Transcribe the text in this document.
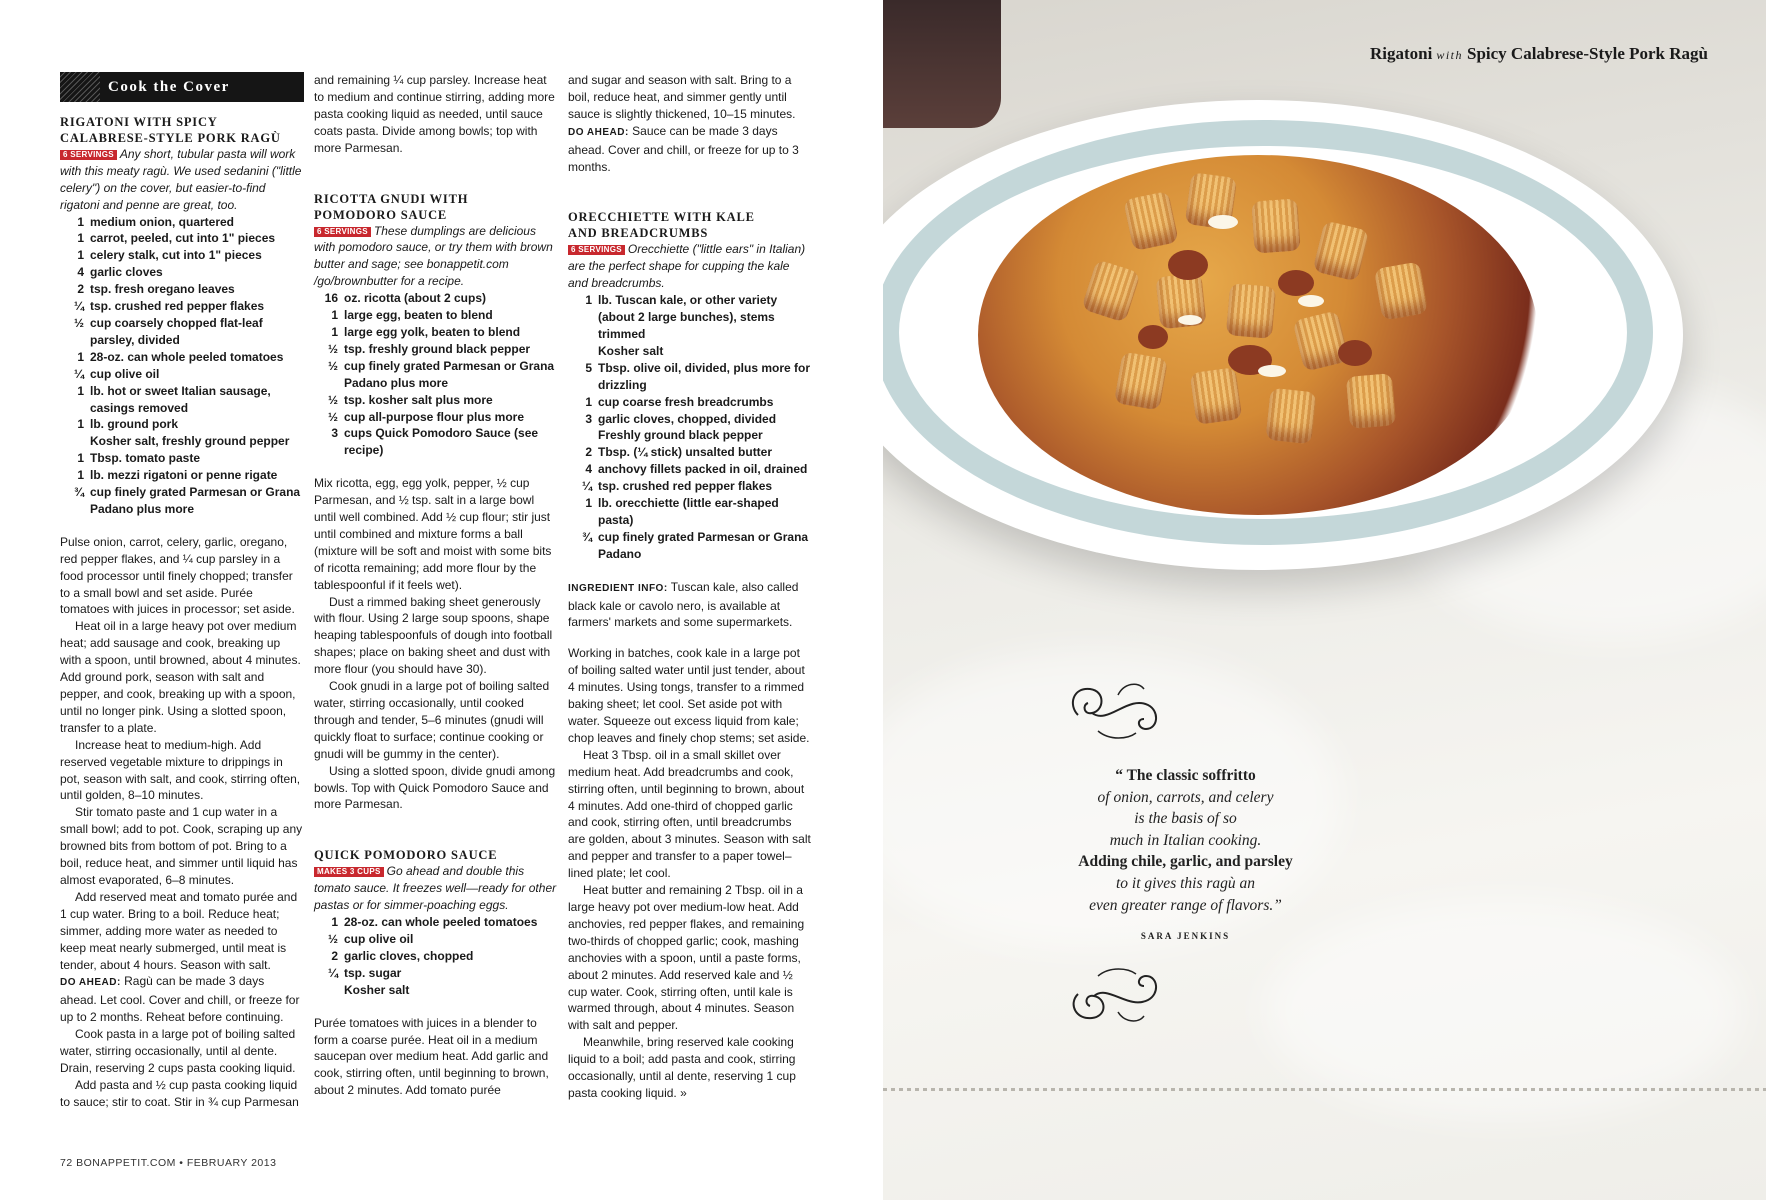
Cook the Cover
RIGATONI WITH SPICY
CALABRESE-STYLE PORK RAGÙ

6 SERVINGS Any short, tubular pasta will work with this meaty ragù. We used sedanini ("little celery") on the cover, but easier-to-find rigatoni and penne are great, too.

1 medium onion, quartered
1 carrot, peeled, cut into 1" pieces
1 celery stalk, cut into 1" pieces
4 garlic cloves
2 tsp. fresh oregano leaves
¼ tsp. crushed red pepper flakes
½ cup coarsely chopped flat-leaf parsley, divided
1 28-oz. can whole peeled tomatoes
¼ cup olive oil
1 lb. hot or sweet Italian sausage, casings removed
1 lb. ground pork
Kosher salt, freshly ground pepper
1 Tbsp. tomato paste
1 lb. mezzi rigatoni or penne rigate
¾ cup finely grated Parmesan or Grana Padano plus more

Pulse onion, carrot, celery, garlic, oregano, red pepper flakes, and ¼ cup parsley in a food processor until finely chopped; transfer to a small bowl and set aside. Purée tomatoes with juices in processor; set aside.

Heat oil in a large heavy pot over medium heat; add sausage and cook, breaking up with a spoon, until browned, about 4 minutes. Add ground pork, season with salt and pepper, and cook, breaking up with a spoon, until no longer pink. Using a slotted spoon, transfer to a plate.

Increase heat to medium-high. Add reserved vegetable mixture to drippings in pot, season with salt, and cook, stirring often, until golden, 8–10 minutes.

Stir tomato paste and 1 cup water in a small bowl; add to pot. Cook, scraping up any browned bits from bottom of pot. Bring to a boil, reduce heat, and simmer until liquid has almost evaporated, 6–8 minutes.

Add reserved meat and tomato purée and 1 cup water. Bring to a boil. Reduce heat; simmer, adding more water as needed to keep meat nearly submerged, until meat is tender, about 4 hours. Season with salt.

DO AHEAD: Ragù can be made 3 days ahead. Let cool. Cover and chill, or freeze for up to 2 months. Reheat before continuing.

Cook pasta in a large pot of boiling salted water, stirring occasionally, until al dente. Drain, reserving 2 cups pasta cooking liquid.

Add pasta and ½ cup pasta cooking liquid to sauce; stir to coat. Stir in ¾ cup Parmesan

and remaining ¼ cup parsley. Increase heat to medium and continue stirring, adding more pasta cooking liquid as needed, until sauce coats pasta. Divide among bowls; top with more Parmesan.

RICOTTA GNUDI WITH
POMODORO SAUCE

6 SERVINGS These dumplings are delicious with pomodoro sauce, or try them with brown butter and sage; see bonappetit.com /go/brownbutter for a recipe.

16 oz. ricotta (about 2 cups)
1 large egg, beaten to blend
1 large egg yolk, beaten to blend
½ tsp. freshly ground black pepper
½ cup finely grated Parmesan or Grana Padano plus more
½ tsp. kosher salt plus more
½ cup all-purpose flour plus more
3 cups Quick Pomodoro Sauce (see recipe)

Mix ricotta, egg, egg yolk, pepper, ½ cup Parmesan, and ½ tsp. salt in a large bowl until well combined. Add ½ cup flour; stir just until combined and mixture forms a ball (mixture will be soft and moist with some bits of ricotta remaining; add more flour by the tablespoonful if it feels wet).

Dust a rimmed baking sheet generously with flour. Using 2 large soup spoons, shape heaping tablespoonfuls of dough into football shapes; place on baking sheet and dust with more flour (you should have 30).

Cook gnudi in a large pot of boiling salted water, stirring occasionally, until cooked through and tender, 5–6 minutes (gnudi will quickly float to surface; continue cooking or gnudi will be gummy in the center).

Using a slotted spoon, divide gnudi among bowls. Top with Quick Pomodoro Sauce and more Parmesan.

QUICK POMODORO SAUCE

MAKES 3 CUPS Go ahead and double this tomato sauce. It freezes well—ready for other pastas or for simmer-poaching eggs.

1 28-oz. can whole peeled tomatoes
½ cup olive oil
2 garlic cloves, chopped
¼ tsp. sugar
Kosher salt

Purée tomatoes with juices in a blender to form a coarse purée. Heat oil in a medium saucepan over medium heat. Add garlic and cook, stirring often, until beginning to brown, about 2 minutes. Add tomato purée

and sugar and season with salt. Bring to a boil, reduce heat, and simmer gently until sauce is slightly thickened, 10–15 minutes. DO AHEAD: Sauce can be made 3 days ahead. Cover and chill, or freeze for up to 3 months.

ORECCHIETTE WITH KALE
AND BREADCRUMBS

6 SERVINGS Orecchiette ("little ears" in Italian) are the perfect shape for cupping the kale and breadcrumbs.

1 lb. Tuscan kale, or other variety (about 2 large bunches), stems trimmed
Kosher salt
5 Tbsp. olive oil, divided, plus more for drizzling
1 cup coarse fresh breadcrumbs
3 garlic cloves, chopped, divided
Freshly ground black pepper
2 Tbsp. (¼ stick) unsalted butter
4 anchovy fillets packed in oil, drained
¼ tsp. crushed red pepper flakes
1 lb. orecchiette (little ear-shaped pasta)
¾ cup finely grated Parmesan or Grana Padano

INGREDIENT INFO: Tuscan kale, also called black kale or cavolo nero, is available at farmers' markets and some supermarkets.

Working in batches, cook kale in a large pot of boiling salted water until just tender, about 4 minutes. Using tongs, transfer to a rimmed baking sheet; let cool. Set aside pot with water. Squeeze out excess liquid from kale; chop leaves and finely chop stems; set aside.

Heat 3 Tbsp. oil in a small skillet over medium heat. Add breadcrumbs and cook, stirring often, until beginning to brown, about 4 minutes. Add one-third of chopped garlic and cook, stirring often, until breadcrumbs are golden, about 3 minutes. Season with salt and pepper and transfer to a paper towel–lined plate; let cool.

Heat butter and remaining 2 Tbsp. oil in a large heavy pot over medium-low heat. Add anchovies, red pepper flakes, and remaining two-thirds of chopped garlic; cook, mashing anchovies with a spoon, until a paste forms, about 2 minutes. Add reserved kale and ½ cup water. Cook, stirring often, until kale is warmed through, about 4 minutes. Season with salt and pepper.

Meanwhile, bring reserved kale cooking liquid to a boil; add pasta and cook, stirring occasionally, until al dente, reserving 1 cup pasta cooking liquid. »

72 BONAPPETIT.COM • FEBRUARY 2013
Rigatoni with Spicy Calabrese-Style Pork Ragù
“ The classic soffritto
of onion, carrots, and celery
is the basis of so
much in Italian cooking.
Adding chile, garlic, and parsley
to it gives this ragù an
even greater range of flavors.”
SARA JENKINS
